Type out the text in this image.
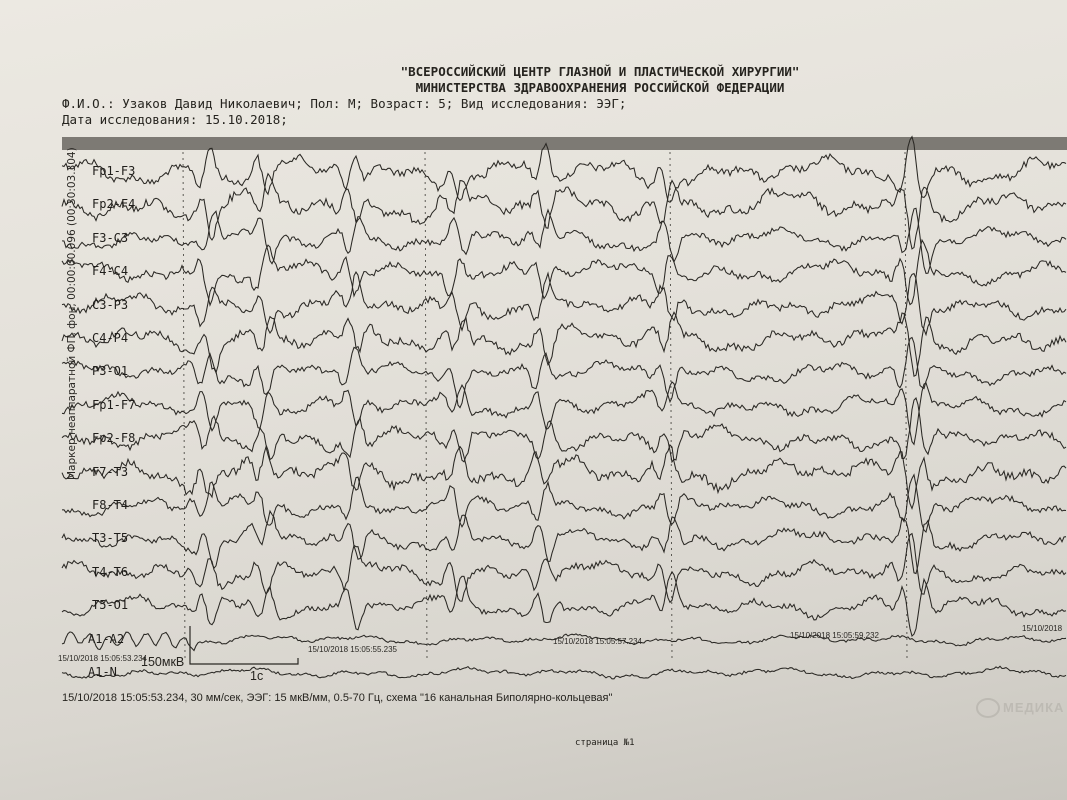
"ВСЕРОССИЙСКИЙ ЦЕНТР ГЛАЗНОЙ И ПЛАСТИЧЕСКОЙ ХИРУРГИИ"
МИНИСТЕРСТВА ЗДРАВООХРАНЕНИЯ РОССИЙСКОЙ ФЕДЕРАЦИИ
Ф.И.О.: Узаков Давид Николаевич; Пол: М; Возраст: 5; Вид исследования: ЭЭГ;
Дата исследования: 15.10.2018;
Fp1-F3
Fp2-F4
F3-C3
F4-C4
C3-P3
C4-P4
P3-O1
Fp1-F7
Fp2-F8
F7-T3
F8-T4
T3-T5
T4-T6
T5-O1
A1-A2
A1-N
Маркер неаппаратной ФП, фон, 00:00:00.096 (00:30:03.304)
15/10/2018 15:05:53.234
15/10/2018 15:05:55.235
15/10/2018 15:05:57.234
15/10/2018 15:05:59.232
15/10/2018
150мкВ
1с
15/10/2018 15:05:53.234, 30 мм/сек, ЭЭГ: 15 мкВ/мм, 0.5-70 Гц, схема "16 канальная Биполярно-кольцевая"
страница №1
МЕДИКА
